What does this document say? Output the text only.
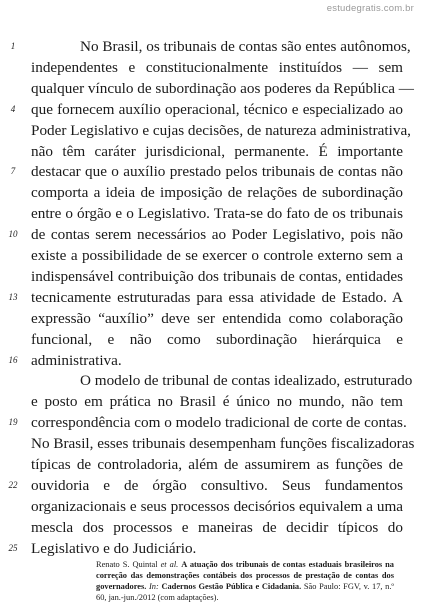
estudegratis.com.br
1	No Brasil, os tribunais de contas são entes autônomos,
independentes e constitucionalmente instituídos — sem
qualquer vínculo de subordinação aos poderes da República —
4	que fornecem auxílio operacional, técnico e especializado ao
Poder Legislativo e cujas decisões, de natureza administrativa,
não têm caráter jurisdicional, permanente. É importante
7	destacar que o auxílio prestado pelos tribunais de contas não
comporta a ideia de imposição de relações de subordinação
entre o órgão e o Legislativo. Trata-se do fato de os tribunais
10 de contas serem necessários ao Poder Legislativo, pois não
existe a possibilidade de se exercer o controle externo sem a
indispensável contribuição dos tribunais de contas, entidades
13 tecnicamente estruturadas para essa atividade de Estado. A
expressão “auxílio” deve ser entendida como colaboração
funcional, e não como subordinação hierárquica e
16 administrativa.
O modelo de tribunal de contas idealizado, estruturado
e posto em prática no Brasil é único no mundo, não tem
19 correspondência com o modelo tradicional de corte de contas.
No Brasil, esses tribunais desempenham funções fiscalizadoras
típicas de controladoria, além de assumirem as funções de
22 ouvidoria e de órgão consultivo. Seus fundamentos
organizacionais e seus processos decisórios equivalem a uma
mescla dos processos e maneiras de decidir típicos do
25 Legislativo e do Judiciário.
Renato S. Quintal et al. A atuação dos tribunais de contas estaduais brasileiros na correção das demonstrações contábeis dos processos de prestação de contas dos governadores. In: Cadernos Gestão Pública e Cidadania. São Paulo: FGV, v. 17, n.º 60, jan.-jun./2012 (com adaptações).
